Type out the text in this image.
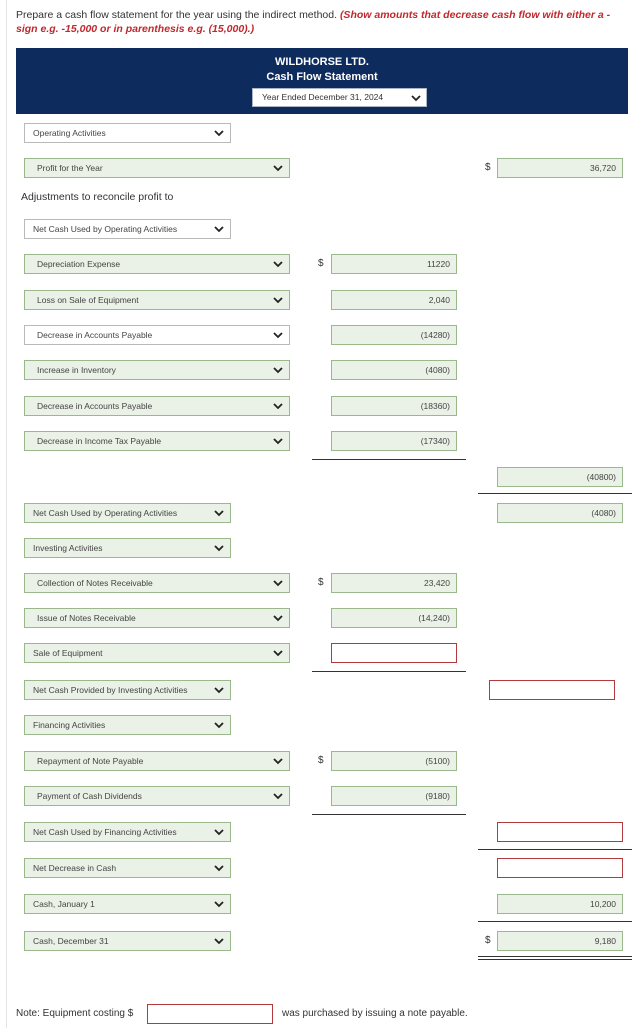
Prepare a cash flow statement for the year using the indirect method. (Show amounts that decrease cash flow with either a - sign e.g. -15,000 or in parenthesis e.g. (15,000).)
WILDHORSE LTD.
Cash Flow Statement
Year Ended December 31, 2024
Operating Activities
Profit for the Year	$	36,720
Adjustments to reconcile profit to
Net Cash Used by Operating Activities
Depreciation Expense	$	11220
Loss on Sale of Equipment	2,040
Decrease in Accounts Payable	(14280)
Increase in Inventory	(4080)
Decrease in Accounts Payable	(18360)
Decrease in Income Tax Payable	(17340)
(40800)
Net Cash Used by Operating Activities	(4080)
Investing Activities
Collection of Notes Receivable	$	23,420
Issue of Notes Receivable	(14,240)
Sale of Equipment
Net Cash Provided by Investing Activities
Financing Activities
Repayment of Note Payable	$	(5100)
Payment of Cash Dividends	(9180)
Net Cash Used by Financing Activities
Net Decrease in Cash
Cash, January 1	10,200
Cash, December 31	$	9,180
Note: Equipment costing $	was purchased by issuing a note payable.
